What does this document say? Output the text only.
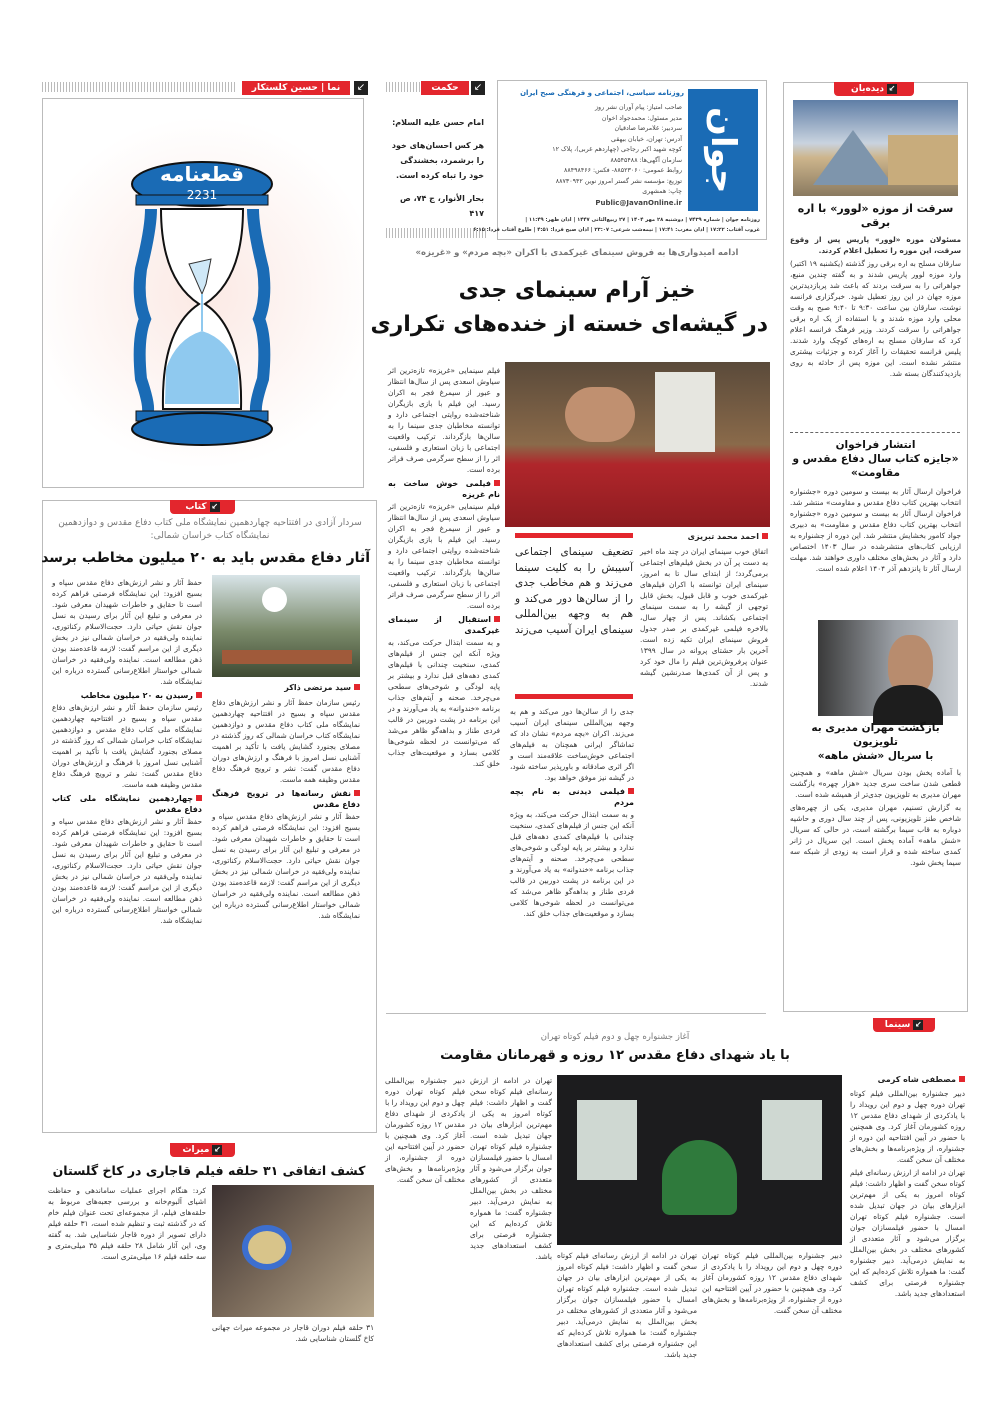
نما | حسین کلستکار	↙
قطعنامه
2231
حکمت	↙

امام حسن علیه السلام:

هر کس احسان‌های خود را برشمرد، بخشندگی خود را تباه کرده است.

بحار الأنوار، ج ۷۴، ص ۴۱۷

جوان
روزنامه سیاسی، اجتماعی و فرهنگی صبح ایران
صاحب امتیاز: پیام آوران نشر روز
مدیر مسئول: محمدجواد اخوان
سردبیر: غلامرضا صادقیان
آدرس: تهران، خیابان بیهقی
کوچه شهید اکبر رجاجی (چهاردهم غربی)، پلاک ۱۲
سازمان آگهی‌ها: ۸۸۵۴۵۴۸۸
روابط عمومی: ۸۸۵۲۳۰۶۰- فکس: ۸۸۴۹۸۴۶۶
توزیع: مؤسسه نشر گستر امروز نوین ۸۸۷۳۰۹۴۲
چاپ: همشهری
Public@JavanOnline.ir
روزنامه جوان | شماره ۷۴۳۹ | دوشنبه ۲۸ مهر ۱۴۰۴ | ۲۷ ربیع‌الثانی ۱۴۴۷ | اذان ظهر: ۱۱:۴۹ |
غروب آفتاب: ۱۷:۲۲ | اذان مغرب: ۱۷:۴۱ | نیمه‌شب شرعی: ۲۳:۰۷ | اذان صبح فردا: ۴:۵۱ | طلوع آفتاب فردا: ۶:۱۵
↙دیده‌بان
سرقت از موزه «لوور» با اره برقی

مسئولان موزه «لوور» پاریس پس از وقوع سرقت، این موزه را تعطیل اعلام کردند.

سارقان مسلح به اره برقی روز گذشته (یکشنبه ۱۹ اکتبر) وارد موزه لوور پاریس شدند و به گفته چندین منبع، جواهراتی را به سرقت بردند که باعث شد پربازدیدترین موزه جهان در این روز تعطیل شود. خبرگزاری فرانسه نوشت، سارقان بین ساعت ۹:۳۰ تا ۹:۴۰ صبح به وقت محلی وارد موزه شدند و با استفاده از یک اره برقی جواهراتی را سرقت کردند. وزیر فرهنگ فرانسه اعلام کرد که سارقان مسلح به اره‌های کوچک وارد شدند. پلیس فرانسه تحقیقات را آغاز کرده و جزئیات بیشتری منتشر نشده است. این موزه پس از حادثه به روی بازدیدکنندگان بسته شد.

انتشار فراخوان
«جایزه کتاب سال دفاع مقدس و مقاومت»
فراخوان ارسال آثار به بیست و سومین دوره «جشنواره انتخاب بهترین کتاب دفاع مقدس و مقاومت» منتشر شد. فراخوان ارسال آثار به بیست و سومین دوره «جشنواره انتخاب بهترین کتاب دفاع مقدس و مقاومت» به دبیری جواد کامور بخشایش منتشر شد. این دوره از جشنواره به ارزیابی کتاب‌های منتشرشده در سال ۱۴۰۳ اختصاص دارد و آثار در بخش‌های مختلف داوری خواهند شد. مهلت ارسال آثار تا پانزدهم آذر ۱۴۰۴ اعلام شده است.
بازگشت مهران مدیری به تلویزیون
با سریال «شش ماهه»

با آماده پخش بودن سریال «شش ماهه» و همچنین قطعی شدن ساخت سری جدید «هزار چهره» بازگشت مهران مدیری به تلویزیون جدی‌تر از همیشه شده است.

به گزارش تسنیم، مهران مدیری، یکی از چهره‌های شاخص طنز تلویزیونی، پس از چند سال دوری و حاشیه دوباره به قاب سیما برگشته است، در حالی که سریال «شش ماهه» آماده پخش است. این سریال در ژانر کمدی ساخته شده و قرار است به زودی از شبکه سه سیما پخش شود.

ادامه امیدواری‌ها به فروش سینمای غیرکمدی با اکران «بچه مردم» و «غریزه»
خیز آرام سینمای جدی
در گیشه‌ای خسته از خنده‌های تکراری
احمد محمد تبریزی
اتفاق خوب سینمای ایران در چند ماه اخیر به دست پر آن در بخش فیلم‌های اجتماعی برمی‌گردد؛ از ابتدای سال تا به امروز، سینمای ایران توانسته با اکران فیلم‌های غیرکمدی خوب و قابل قبول، بخش قابل توجهی از گیشه را به سمت سینمای اجتماعی بکشاند. پس از چهار سال، بالاخره فیلمی غیرکمدی بر صدر جدول فروش سینمای ایران تکیه زده است. آخرین بار حشتای پروانه در سال ۱۳۹۹ عنوان پرفروش‌ترین فیلم را مال خود کرد و پس از آن کمدی‌ها صدرنشین گیشه شدند.
تضعیف سینمای اجتماعی آسیبش را به کلیت سینما می‌زند و هم مخاطب جدی را از سالن‌ها دور می‌کند و هم به وجهه بین‌المللی سینمای ایران آسیب می‌زند

جدی را از سالن‌ها دور می‌کند و هم به وجهه بین‌المللی سینمای ایران آسیب می‌زند. اکران «بچه مردم» نشان داد که تماشاگر ایرانی همچنان به فیلم‌های اجتماعی خوش‌ساخت علاقه‌مند است و اگر اثری صادقانه و باورپذیر ساخته شود، در گیشه نیز موفق خواهد بود.

فیلمی دیدنی به نام بچه مردم

و به سمت ابتذال حرکت می‌کند، به ویژه آنکه این جنس از فیلم‌های کمدی، سنخیت چندانی با فیلم‌های کمدی دهه‌های قبل ندارد و بیشتر بر پایه لودگی و شوخی‌های سطحی می‌چرخد. صحنه و آیتم‌های جذاب برنامه «خندوانه» به یاد می‌آورند و در این برنامه در پشت دوربین در قالب فردی طناز و بداهه‌گو ظاهر می‌شد که می‌توانست در لحظه شوخی‌ها کلامی بسازد و موقعیت‌های جذاب خلق کند.

فیلم سینمایی «غریزه» تازه‌ترین اثر سیاوش اسعدی پس از سال‌ها انتظار و عبور از سیمرغ فجر به اکران رسید. این فیلم با بازی بازیگران شناخته‌شده روایتی اجتماعی دارد و توانسته مخاطبان جدی سینما را به سالن‌ها بازگرداند. ترکیب واقعیت اجتماعی با زبان استعاری و فلسفی، اثر را از سطح سرگرمی صرف فراتر برده است.

فیلمی خوش ساخت به نام غریزه

فیلم سینمایی «غریزه» تازه‌ترین اثر سیاوش اسعدی پس از سال‌ها انتظار و عبور از سیمرغ فجر به اکران رسید. این فیلم با بازی بازیگران شناخته‌شده روایتی اجتماعی دارد و توانسته مخاطبان جدی سینما را به سالن‌ها بازگرداند. ترکیب واقعیت اجتماعی با زبان استعاری و فلسفی، اثر را از سطح سرگرمی صرف فراتر برده است.

استقبال از سینمای غیرکمدی

و به سمت ابتذال حرکت می‌کند، به ویژه آنکه این جنس از فیلم‌های کمدی، سنخیت چندانی با فیلم‌های کمدی دهه‌های قبل ندارد و بیشتر بر پایه لودگی و شوخی‌های سطحی می‌چرخد. صحنه و آیتم‌های جذاب برنامه «خندوانه» به یاد می‌آورند و در این برنامه در پشت دوربین در قالب فردی طناز و بداهه‌گو ظاهر می‌شد که می‌توانست در لحظه شوخی‌ها کلامی بسازد و موقعیت‌های جذاب خلق کند.

↙کتاب
سردار آزادی در افتتاحیه چهاردهمین نمایشگاه ملی کتاب دفاع مقدس و دوازدهمین نمایشگاه کتاب خراسان شمالی:
آثار دفاع مقدس باید به ۲۰ میلیون مخاطب برسد
سید مرتضی ذاکر

رئیس سازمان حفظ آثار و نشر ارزش‌های دفاع مقدس سپاه و بسیج در افتتاحیه چهاردهمین نمایشگاه ملی کتاب دفاع مقدس و دوازدهمین نمایشگاه کتاب خراسان شمالی که روز گذشته در مصلای بجنورد گشایش یافت با تأکید بر اهمیت آشنایی نسل امروز با فرهنگ و ارزش‌های دوران دفاع مقدس گفت: نشر و ترویج فرهنگ دفاع مقدس وظیفه همه ماست.

نقش رسانه‌ها در ترویج فرهنگ دفاع مقدس

حفظ آثار و نشر ارزش‌های دفاع مقدس سپاه و بسیج افزود: این نمایشگاه فرصتی فراهم کرده است تا حقایق و خاطرات شهیدان معرفی شود. در معرفی و تبلیغ این آثار برای رسیدن به نسل جوان نقش حیاتی دارد. حجت‌الاسلام رکناتوری، نماینده ولی‌فقیه در خراسان شمالی نیز در بخش دیگری از این مراسم گفت: لازمه قاعده‌مند بودن ذهن مطالعه است. نماینده ولی‌فقیه در خراسان شمالی خواستار اطلاع‌رسانی گسترده درباره این نمایشگاه شد.

حفظ آثار و نشر ارزش‌های دفاع مقدس سپاه و بسیج افزود: این نمایشگاه فرصتی فراهم کرده است تا حقایق و خاطرات شهیدان معرفی شود. در معرفی و تبلیغ این آثار برای رسیدن به نسل جوان نقش حیاتی دارد. حجت‌الاسلام رکناتوری، نماینده ولی‌فقیه در خراسان شمالی نیز در بخش دیگری از این مراسم گفت: لازمه قاعده‌مند بودن ذهن مطالعه است. نماینده ولی‌فقیه در خراسان شمالی خواستار اطلاع‌رسانی گسترده درباره این نمایشگاه شد.

رسیدن به ۲۰ میلیون مخاطب

رئیس سازمان حفظ آثار و نشر ارزش‌های دفاع مقدس سپاه و بسیج در افتتاحیه چهاردهمین نمایشگاه ملی کتاب دفاع مقدس و دوازدهمین نمایشگاه کتاب خراسان شمالی که روز گذشته در مصلای بجنورد گشایش یافت با تأکید بر اهمیت آشنایی نسل امروز با فرهنگ و ارزش‌های دوران دفاع مقدس گفت: نشر و ترویج فرهنگ دفاع مقدس وظیفه همه ماست.

چهاردهمین نمایشگاه ملی کتاب دفاع مقدس

حفظ آثار و نشر ارزش‌های دفاع مقدس سپاه و بسیج افزود: این نمایشگاه فرصتی فراهم کرده است تا حقایق و خاطرات شهیدان معرفی شود. در معرفی و تبلیغ این آثار برای رسیدن به نسل جوان نقش حیاتی دارد. حجت‌الاسلام رکناتوری، نماینده ولی‌فقیه در خراسان شمالی نیز در بخش دیگری از این مراسم گفت: لازمه قاعده‌مند بودن ذهن مطالعه است. نماینده ولی‌فقیه در خراسان شمالی خواستار اطلاع‌رسانی گسترده درباره این نمایشگاه شد.

↙میراث
کشف اتفاقی ۳۱ حلقه فیلم قاجاری در کاخ گلستان
۳۱ حلقه فیلم دوران قاجار در مجموعه میراث جهانی کاخ گلستان شناسایی شد.
کرد: هنگام اجرای عملیات ساماندهی و حفاظت اشیای آلبوم‌خانه و بررسی جعبه‌های مربوط به حلقه‌های فیلم، از مجموعه‌ای تحت عنوان فیلم خام که در گذشته ثبت و تنظیم شده است، ۳۱ حلقه فیلم دارای تصویر از دوره قاجار شناسایی شد. به گفته وی، این آثار شامل ۲۸ حلقه فیلم ۳۵ میلی‌متری و سه حلقه فیلم ۱۶ میلی‌متری است.
↙سینما
آغاز جشنواره چهل و دوم فیلم کوتاه تهران
با یاد شهدای دفاع مقدس ۱۲ روزه و قهرمانان مقاومت
مصطفی شاه کرمی

دبیر جشنواره بین‌المللی فیلم کوتاه تهران دوره چهل و دوم این رویداد را با یادکردی از شهدای دفاع مقدس ۱۲ روزه کشورمان آغاز کرد. وی همچنین با حضور در آیین افتتاحیه این دوره از جشنواره، از ویژه‌برنامه‌ها و بخش‌های مختلف آن سخن گفت.

تهران در ادامه از ارزش رسانه‌ای فیلم کوتاه سخن گفت و اظهار داشت: فیلم کوتاه امروز به یکی از مهم‌ترین ابزارهای بیان در جهان تبدیل شده است. جشنواره فیلم کوتاه تهران امسال با حضور فیلمسازان جوان برگزار می‌شود و آثار متعددی از کشورهای مختلف در بخش بین‌الملل به نمایش درمی‌آید. دبیر جشنواره گفت: ما همواره تلاش کرده‌ایم که این جشنواره فرصتی برای کشف استعدادهای جدید باشد.

تهران در ادامه از ارزش رسانه‌ای فیلم کوتاه سخن گفت و اظهار داشت: فیلم کوتاه امروز به یکی از مهم‌ترین ابزارهای بیان در جهان تبدیل شده است. جشنواره فیلم کوتاه تهران امسال با حضور فیلمسازان جوان برگزار می‌شود و آثار متعددی از کشورهای مختلف در بخش بین‌الملل به نمایش درمی‌آید. دبیر جشنواره گفت: ما همواره تلاش کرده‌ایم که این جشنواره فرصتی برای کشف استعدادهای جدید باشد.
دبیر جشنواره بین‌المللی فیلم کوتاه تهران دوره چهل و دوم این رویداد را با یادکردی از شهدای دفاع مقدس ۱۲ روزه کشورمان آغاز کرد. وی همچنین با حضور در آیین افتتاحیه این دوره از جشنواره، از ویژه‌برنامه‌ها و بخش‌های مختلف آن سخن گفت.
تهران در ادامه از ارزش رسانه‌ای فیلم کوتاه سخن گفت و اظهار داشت: فیلم کوتاه امروز به یکی از مهم‌ترین ابزارهای بیان در جهان تبدیل شده است. جشنواره فیلم کوتاه تهران امسال با حضور فیلمسازان جوان برگزار می‌شود و آثار متعددی از کشورهای مختلف در بخش بین‌الملل به نمایش درمی‌آید. دبیر جشنواره گفت: ما همواره تلاش کرده‌ایم که این جشنواره فرصتی برای کشف استعدادهای جدید باشد.
دبیر جشنواره بین‌المللی فیلم کوتاه تهران دوره چهل و دوم این رویداد را با یادکردی از شهدای دفاع مقدس ۱۲ روزه کشورمان آغاز کرد. وی همچنین با حضور در آیین افتتاحیه این دوره از جشنواره، از ویژه‌برنامه‌ها و بخش‌های مختلف آن سخن گفت.
